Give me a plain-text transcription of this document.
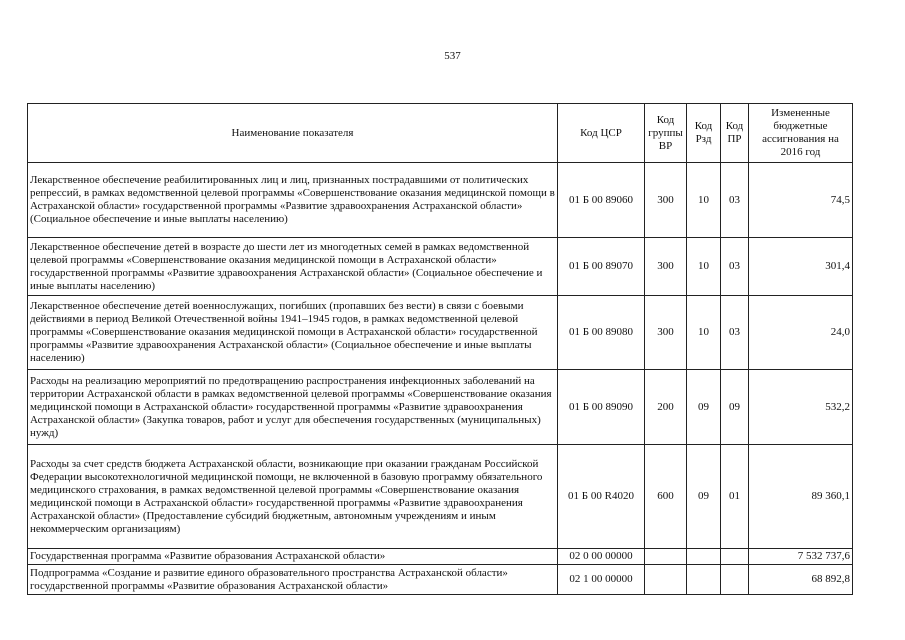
537
Наименование показателя	Код ЦСР	Код группы ВР	Код Рзд	Код ПР	Измененные бюджетные ассигнования на 2016 год
Лекарственное обеспечение реабилитированных лиц и лиц, признанных пострадавшими от политических репрессий, в рамках ведомственной целевой программы «Совершенствование оказания медицинской помощи в Астраханской области» государственной программы «Развитие здравоохранения Астраханской области» (Социальное обеспечение и иные выплаты населению)	01 Б 00 89060	300	10	03	74,5
Лекарственное обеспечение детей в возрасте до шести лет из многодетных семей в рамках ведомственной целевой программы «Совершенствование оказания медицинской помощи в Астраханской области» государственной программы «Развитие здравоохранения Астраханской области» (Социальное обеспечение и иные выплаты населению)	01 Б 00 89070	300	10	03	301,4
Лекарственное обеспечение детей военнослужащих, погибших (пропавших без вести) в связи с боевыми действиями в период Великой Отечественной войны 1941–1945 годов, в рамках ведомственной целевой программы «Совершенствование оказания медицинской помощи в Астраханской области» государственной программы «Развитие здравоохранения Астраханской области» (Социальное обеспечение и иные выплаты населению)	01 Б 00 89080	300	10	03	24,0
Расходы на реализацию мероприятий по предотвращению распространения инфекционных заболеваний на территории Астраханской области в рамках ведомственной целевой программы «Совершенствование оказания медицинской помощи в Астраханской области» государственной программы «Развитие здравоохранения Астраханской области» (Закупка товаров, работ и услуг для обеспечения государственных (муниципальных) нужд)	01 Б 00 89090	200	09	09	532,2
Расходы за счет средств бюджета Астраханской области, возникающие при оказании гражданам Российской Федерации высокотехнологичной медицинской помощи, не включенной в базовую программу обязательного медицинского страхования, в рамках ведомственной целевой программы «Совершенствование оказания медицинской помощи в Астраханской области» государственной программы «Развитие здравоохранения Астраханской области» (Предоставление субсидий бюджетным, автономным учреждениям и иным некоммерческим организациям)	01 Б 00 R4020	600	09	01	89 360,1
Государственная программа «Развитие образования Астраханской области»	02 0 00 00000				7 532 737,6
Подпрограмма «Создание и развитие единого образовательного пространства Астраханской области» государственной программы «Развитие образования Астраханской области»	02 1 00 00000				68 892,8
